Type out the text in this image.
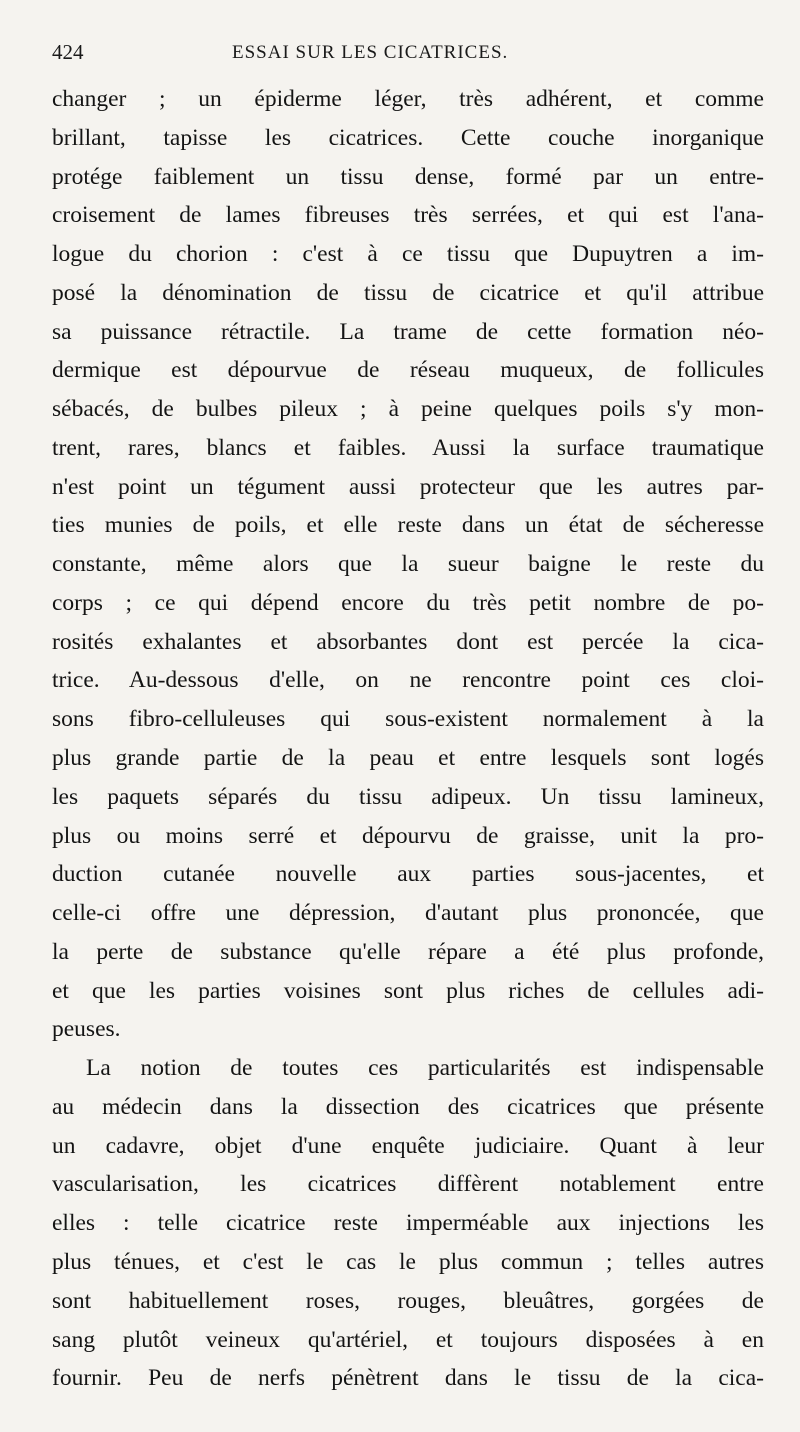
424	ESSAI SUR LES CICATRICES.
changer ; un épiderme léger, très adhérent, et comme
brillant, tapisse les cicatrices. Cette couche inorganique
protége faiblement un tissu dense, formé par un entre-
croisement de lames fibreuses très serrées, et qui est l'ana-
logue du chorion : c'est à ce tissu que Dupuytren a im-
posé la dénomination de tissu de cicatrice et qu'il attribue
sa puissance rétractile. La trame de cette formation néo-
dermique est dépourvue de réseau muqueux, de follicules
sébacés, de bulbes pileux ; à peine quelques poils s'y mon-
trent, rares, blancs et faibles. Aussi la surface traumatique
n'est point un tégument aussi protecteur que les autres par-
ties munies de poils, et elle reste dans un état de sécheresse
constante, même alors que la sueur baigne le reste du
corps ; ce qui dépend encore du très petit nombre de po-
rosités exhalantes et absorbantes dont est percée la cica-
trice. Au-dessous d'elle, on ne rencontre point ces cloi-
sons fibro-celluleuses qui sous-existent normalement à la
plus grande partie de la peau et entre lesquels sont logés
les paquets séparés du tissu adipeux. Un tissu lamineux,
plus ou moins serré et dépourvu de graisse, unit la pro-
duction cutanée nouvelle aux parties sous-jacentes, et
celle-ci offre une dépression, d'autant plus prononcée, que
la perte de substance qu'elle répare a été plus profonde,
et que les parties voisines sont plus riches de cellules adi-
peuses.
La notion de toutes ces particularités est indispensable
au médecin dans la dissection des cicatrices que présente
un cadavre, objet d'une enquête judiciaire. Quant à leur
vascularisation, les cicatrices diffèrent notablement entre
elles : telle cicatrice reste imperméable aux injections les
plus ténues, et c'est le cas le plus commun ; telles autres
sont habituellement roses, rouges, bleuâtres, gorgées de
sang plutôt veineux qu'artériel, et toujours disposées à en
fournir. Peu de nerfs pénètrent dans le tissu de la cica-
